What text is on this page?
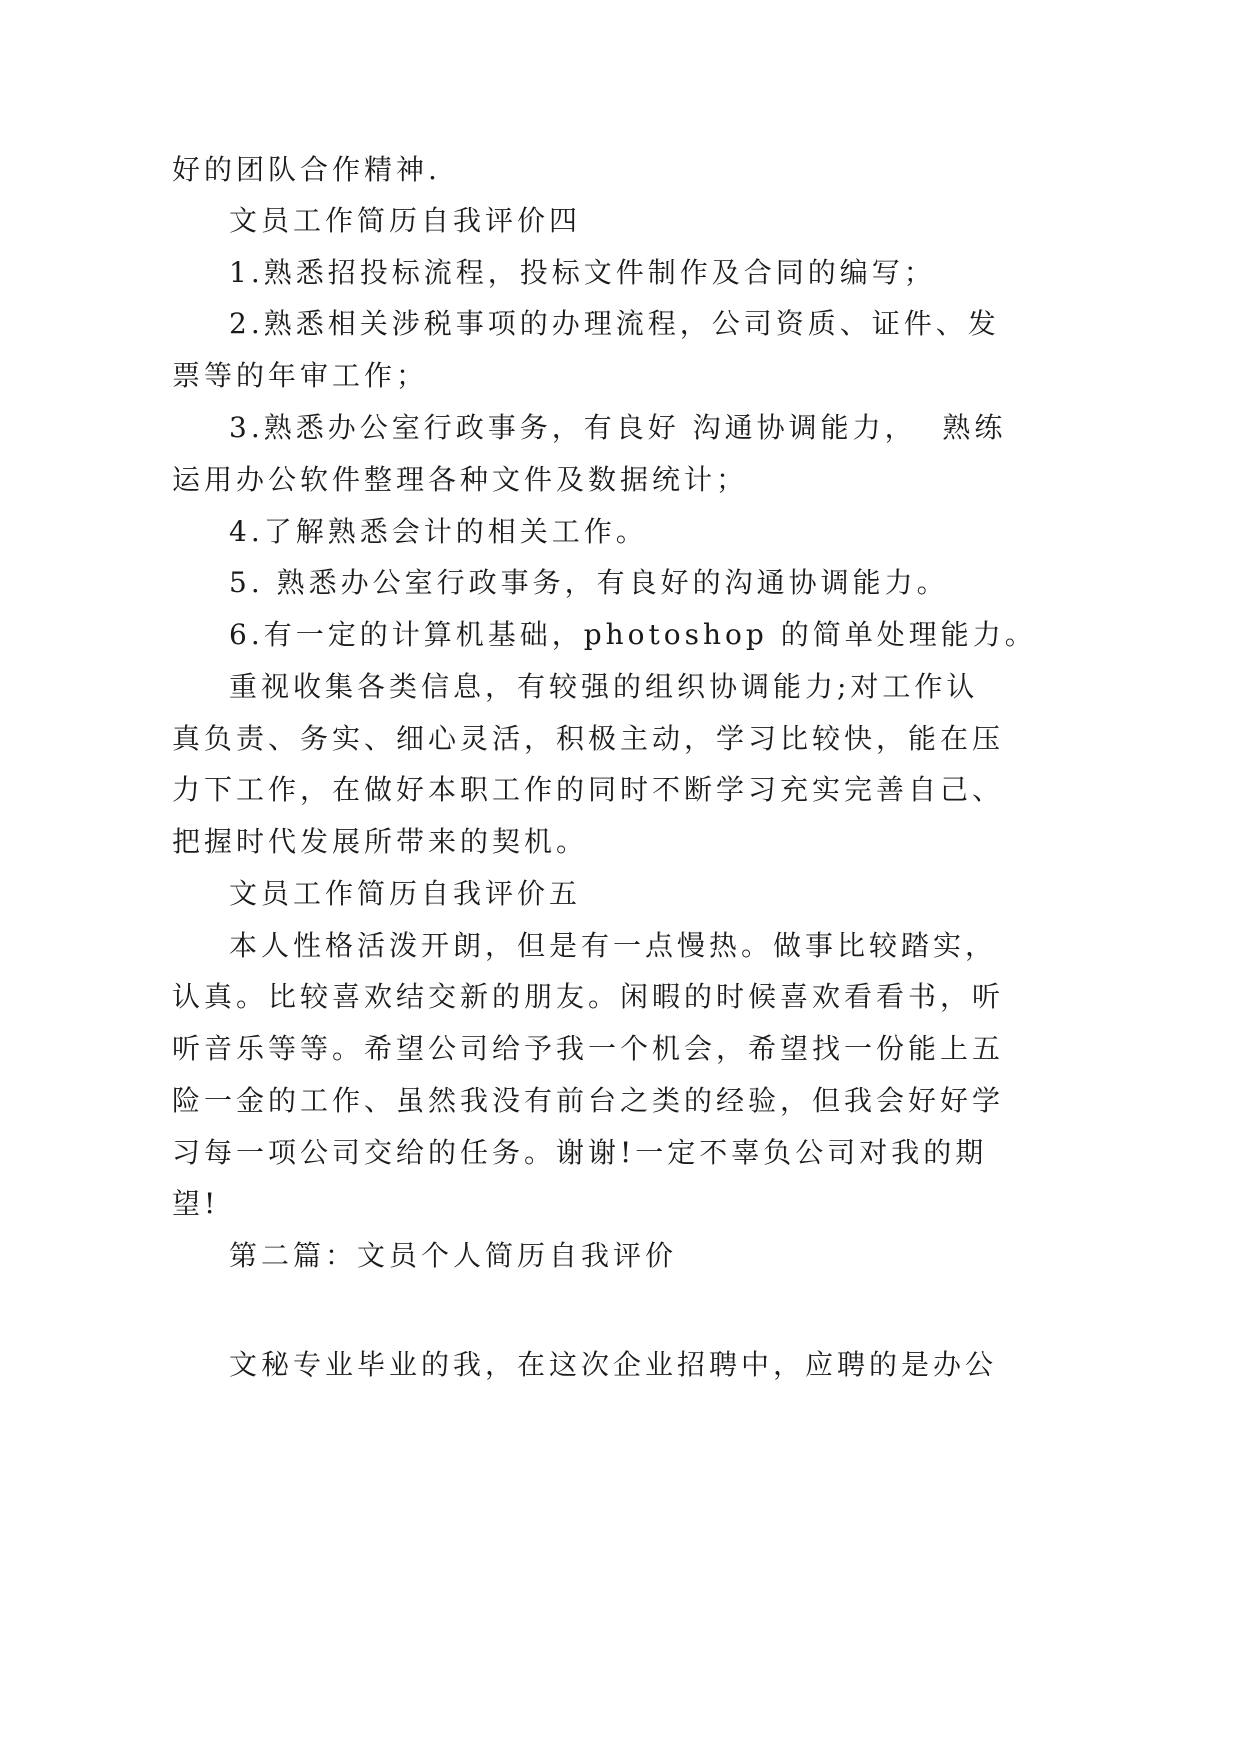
好的团队合作精神.
文员工作简历自我评价四
1.熟悉招投标流程，投标文件制作及合同的编写；
2.熟悉相关涉税事项的办理流程，公司资质、证件、发
票等的年审工作；
3.熟悉办公室行政事务，有良好 沟通协调能力，  熟练
运用办公软件整理各种文件及数据统计；
4.了解熟悉会计的相关工作。
5. 熟悉办公室行政事务，有良好的沟通协调能力。
6.有一定的计算机基础，photoshop 的简单处理能力。
重视收集各类信息，有较强的组织协调能力;对工作认
真负责、务实、细心灵活，积极主动，学习比较快，能在压
力下工作，在做好本职工作的同时不断学习充实完善自己、
把握时代发展所带来的契机。
文员工作简历自我评价五
本人性格活泼开朗，但是有一点慢热。做事比较踏实，
认真。比较喜欢结交新的朋友。闲暇的时候喜欢看看书，听
听音乐等等。希望公司给予我一个机会，希望找一份能上五
险一金的工作、虽然我没有前台之类的经验，但我会好好学
习每一项公司交给的任务。谢谢!一定不辜负公司对我的期
望!
第二篇：文员个人简历自我评价
文秘专业毕业的我，在这次企业招聘中，应聘的是办公
